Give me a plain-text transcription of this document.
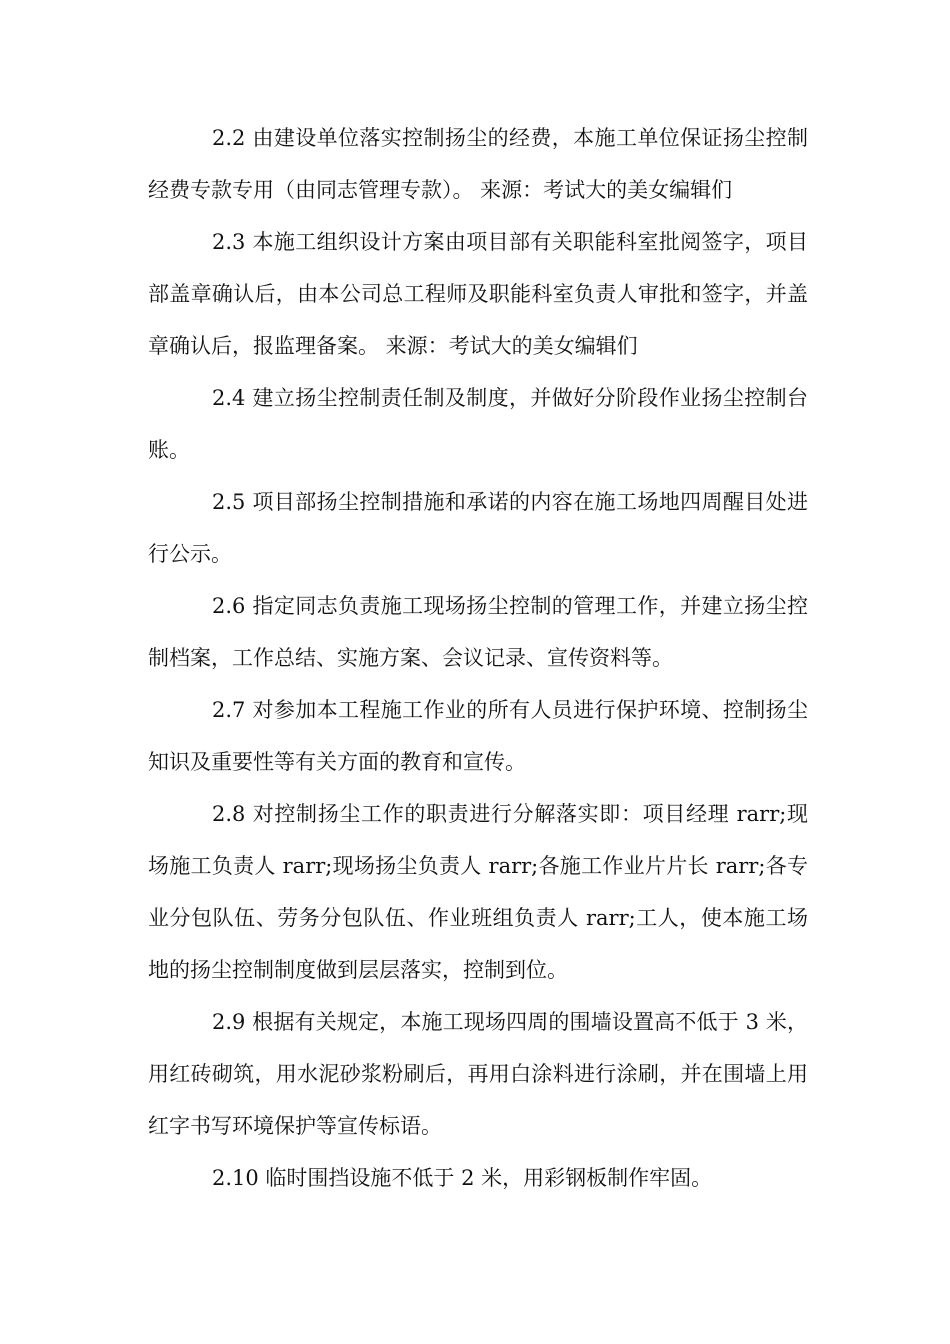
2.2 由建设单位落实控制扬尘的经费，本施工单位保证扬尘控制经费专款专用（由同志管理专款）。 来源：考试大的美女编辑们

2.3 本施工组织设计方案由项目部有关职能科室批阅签字，项目部盖章确认后，由本公司总工程师及职能科室负责人审批和签字，并盖章确认后，报监理备案。 来源：考试大的美女编辑们

2.4 建立扬尘控制责任制及制度，并做好分阶段作业扬尘控制台账。

2.5 项目部扬尘控制措施和承诺的内容在施工场地四周醒目处进行公示。

2.6 指定同志负责施工现场扬尘控制的管理工作，并建立扬尘控制档案，工作总结、实施方案、会议记录、宣传资料等。

2.7 对参加本工程施工作业的所有人员进行保护环境、控制扬尘知识及重要性等有关方面的教育和宣传。

2.8 对控制扬尘工作的职责进行分解落实即：项目经理 rarr;现场施工负责人 rarr;现场扬尘负责人 rarr;各施工作业片片长 rarr;各专业分包队伍、劳务分包队伍、作业班组负责人 rarr;工人，使本施工场地的扬尘控制制度做到层层落实，控制到位。

2.9 根据有关规定，本施工现场四周的围墙设置高不低于 3 米，用红砖砌筑，用水泥砂浆粉刷后，再用白涂料进行涂刷，并在围墙上用红字书写环境保护等宣传标语。

2.10 临时围挡设施不低于 2 米，用彩钢板制作牢固。
